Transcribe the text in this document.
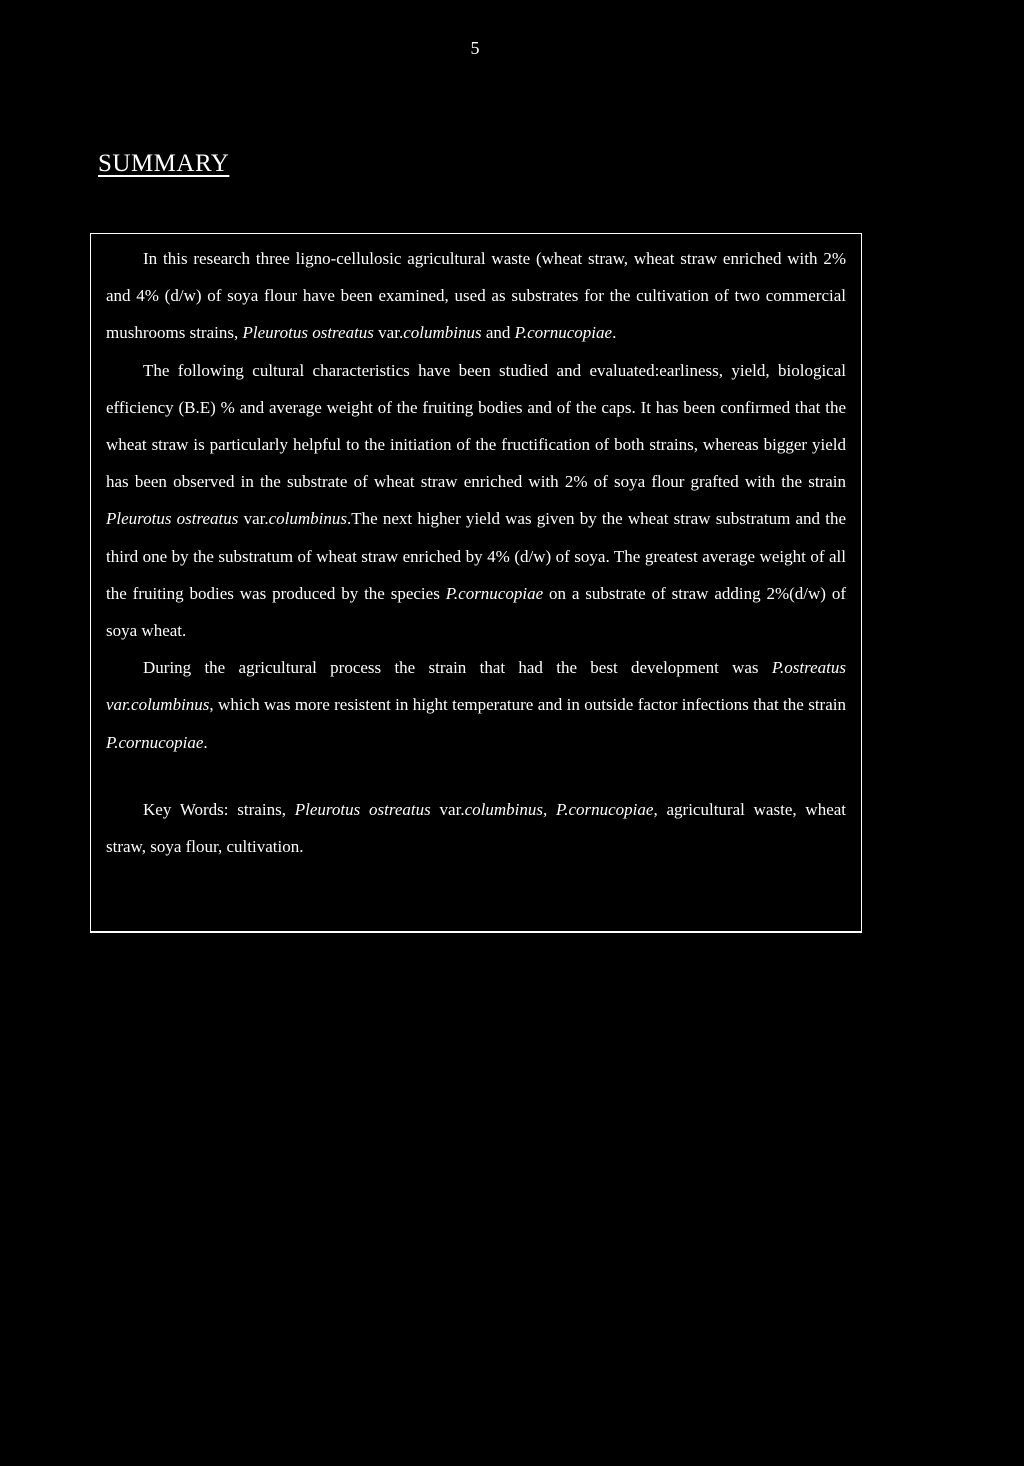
5
SUMMARY

In this research three ligno-cellulosic agricultural waste (wheat straw, wheat straw enriched with 2% and 4% (d/w) of soya flour have been examined, used as substrates for the cultivation of two commercial mushrooms strains, Pleurotus ostreatus var.columbinus and P.cornucopiae.

The following cultural characteristics have been studied and evaluated:earliness, yield, biological efficiency (B.E) % and average weight of the fruiting bodies and of the caps. It has been confirmed that the wheat straw is particularly helpful to the initiation of the fructification of both strains, whereas bigger yield has been observed in the substrate of wheat straw enriched with 2% of soya flour grafted with the strain Pleurotus ostreatus var.columbinus.The next higher yield was given by the wheat straw substratum and the third one by the substratum of wheat straw enriched by 4% (d/w) of soya. The greatest average weight of all the fruiting bodies was produced by the species P.cornucopiae on a substrate of straw adding 2%(d/w) of soya wheat.

During the agricultural process the strain that had the best development was P.ostreatus var.columbinus, which was more resistent in hight temperature and in outside factor infections that the strain P.cornucopiae.

Key Words: strains, Pleurotus ostreatus var.columbinus, P.cornucopiae, agricultural waste, wheat straw, soya flour, cultivation.
